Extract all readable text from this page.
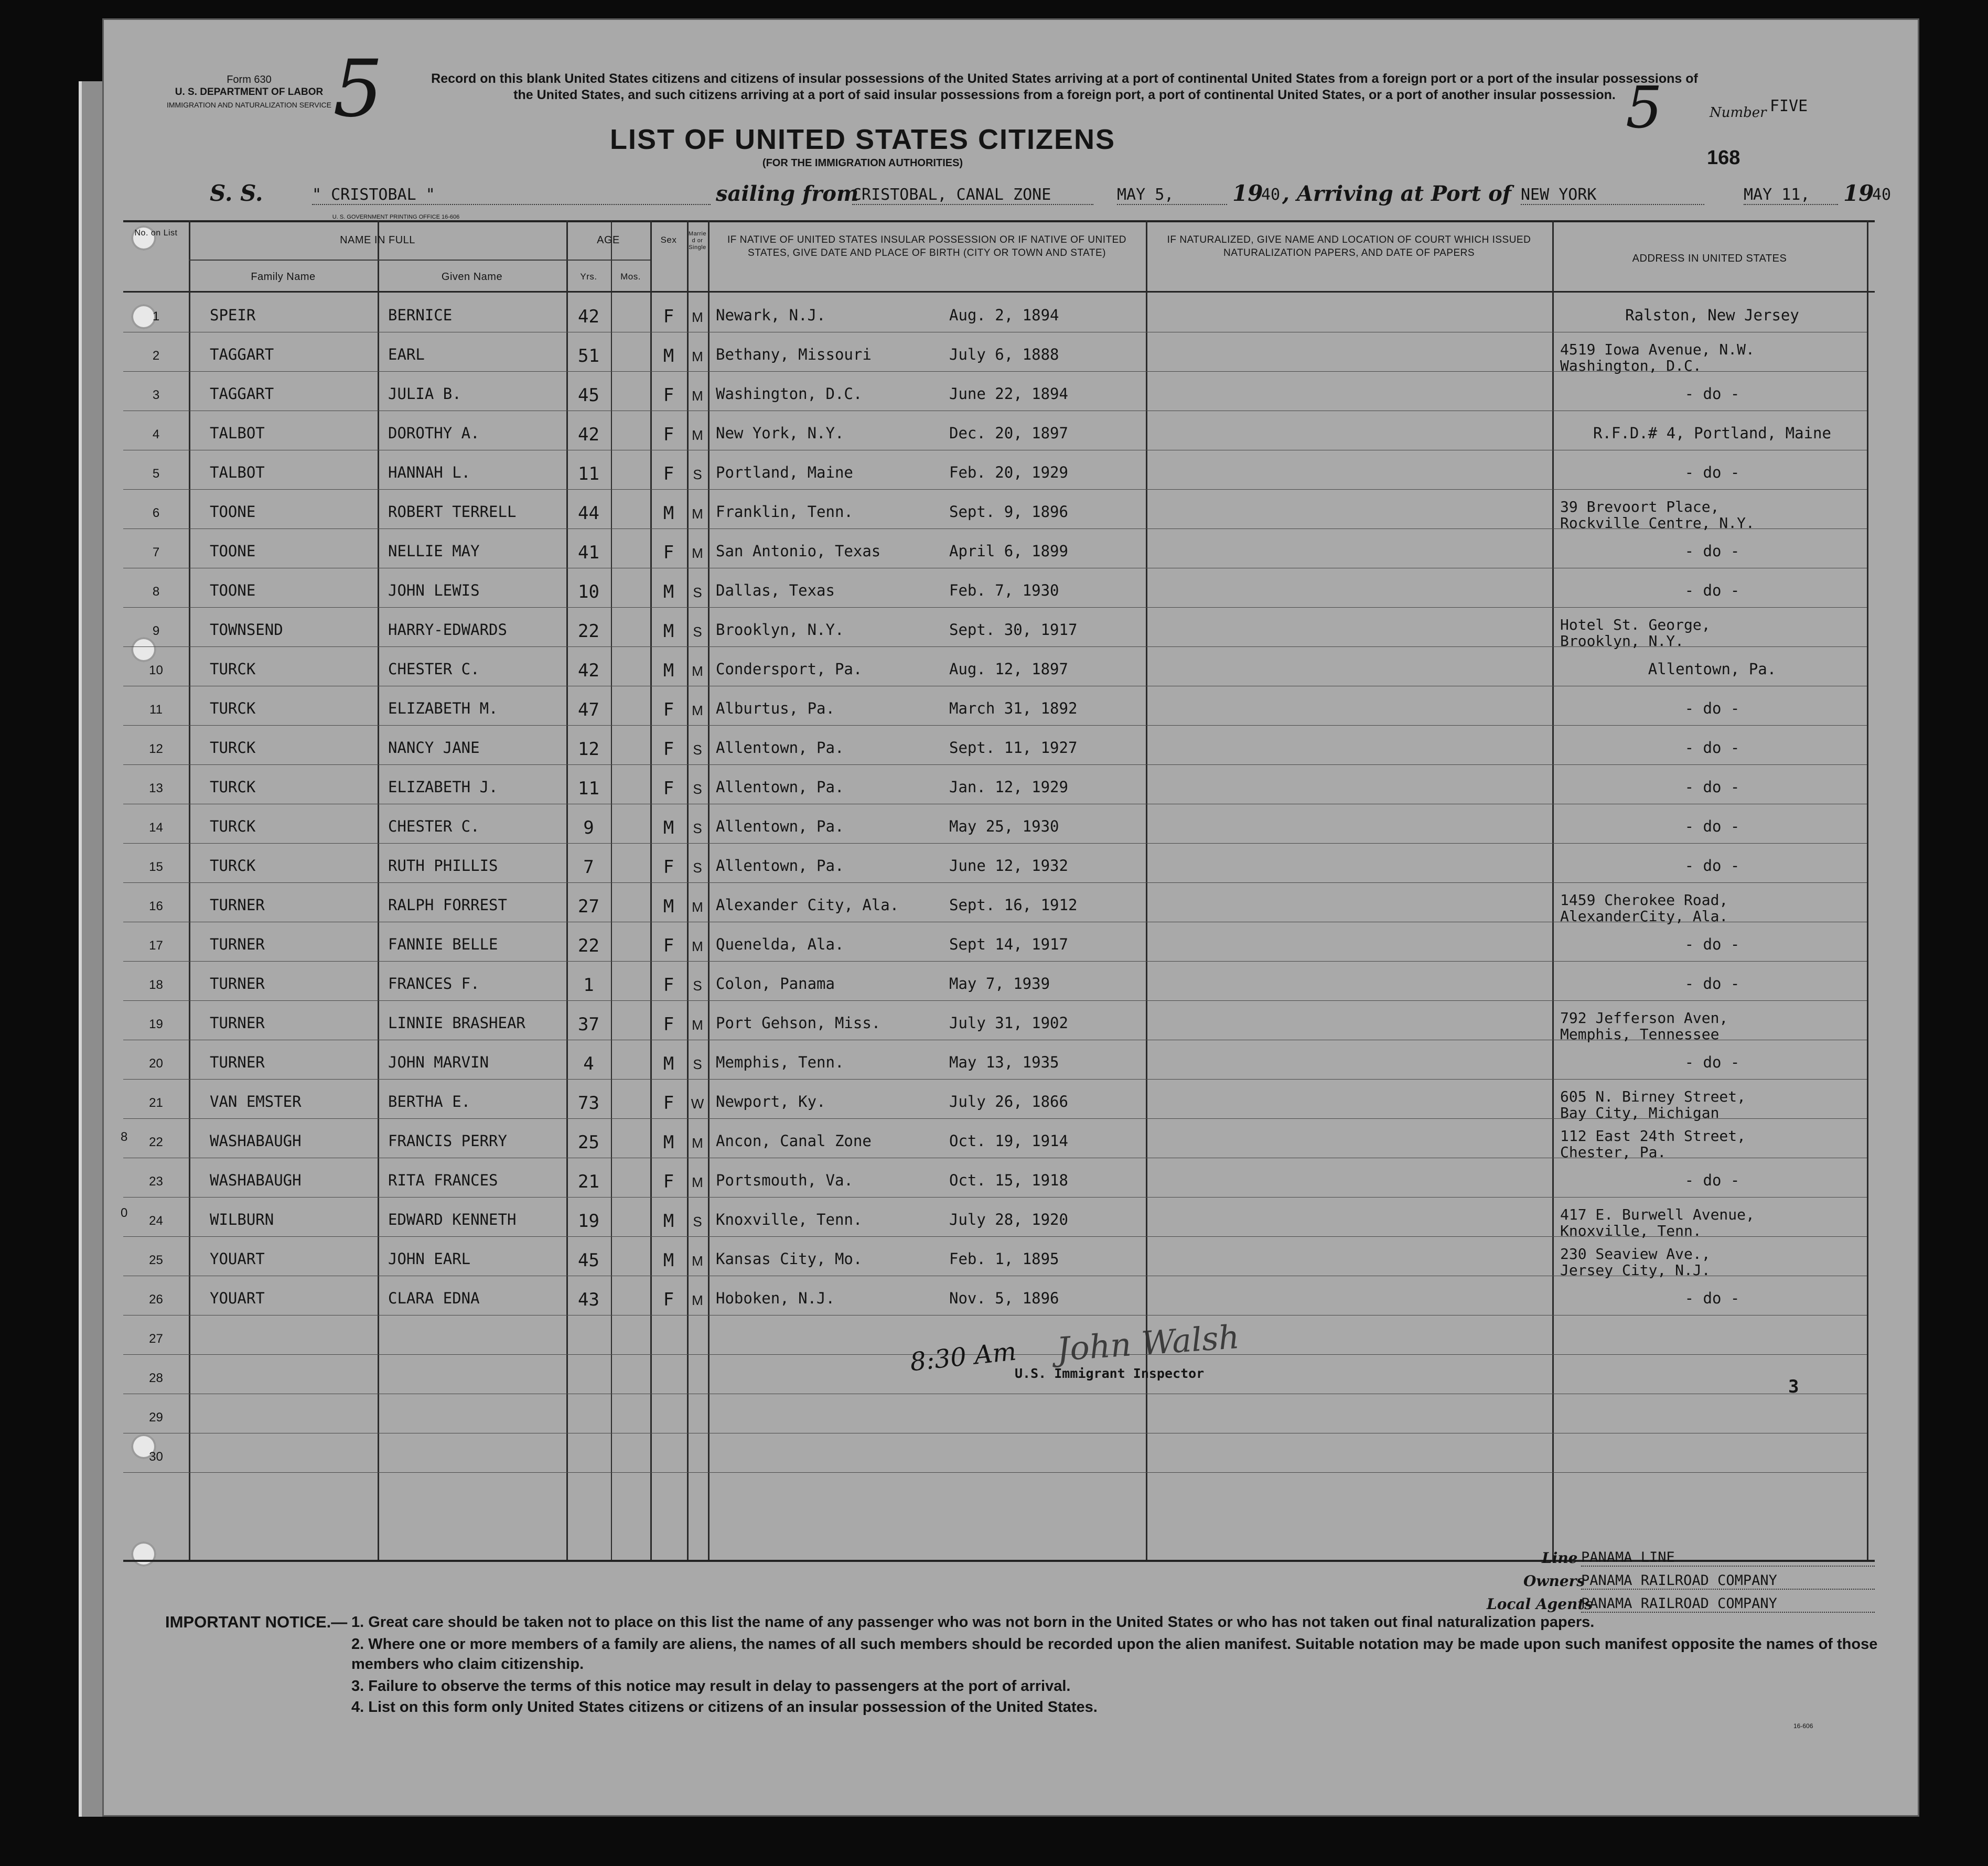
Form 630
U. S. DEPARTMENT OF LABOR
IMMIGRATION AND NATURALIZATION SERVICE
U. S. GOVERNMENT PRINTING OFFICE 16-606
5	Record on this blank United States citizens and citizens of insular possessions of the United States arriving at a port of continental United States from a foreign port or a port of the insular possessions of the United States, and such citizens arriving at a port of said insular possessions from a foreign port, a port of continental United States, or a port of another insular possession.
LIST OF UNITED STATES CITIZENS
(FOR THE IMMIGRATION AUTHORITIES)
5	Number FIVE
168
S. S.	" CRISTOBAL "	sailing from
CRISTOBAL, CANAL ZONE	MAY 5,	19
40 , Arriving at Port of NEW YORK	MAY 11,	19
40
No. on List
NAME IN FULL
Family Name	Given Name
AGE
Yrs.	Mos.
Sex
Married or Single
IF NATIVE OF UNITED STATES INSULAR POSSESSION OR IF NATIVE OF UNITED STATES, GIVE DATE AND PLACE OF BIRTH (CITY OR TOWN AND STATE)
IF NATURALIZED, GIVE NAME AND LOCATION OF COURT WHICH ISSUED NATURALIZATION PAPERS, AND DATE OF PAPERS	ADDRESS IN UNITED STATES
1	SPEIR	BERNICE	42	F	M Newark, N.J.	Aug. 2, 1894	Ralston, New Jersey
2	TAGGART	EARL	51	M	M Bethany, Missouri	July 6, 1888	4519 Iowa Avenue, N.W.
Washington, D.C.
3	TAGGART	JULIA B.	45	F	M Washington, D.C.	June 22, 1894	- do -
4	TALBOT	DOROTHY A.	42	F	M New York, N.Y.	Dec. 20, 1897	R.F.D.# 4, Portland, Maine
5	TALBOT	HANNAH L.	11	F	S Portland, Maine	Feb. 20, 1929	- do -
6	TOONE	ROBERT TERRELL	44	M	M Franklin, Tenn.	Sept. 9, 1896	39 Brevoort Place,
Rockville Centre, N.Y.
7	TOONE	NELLIE MAY	41	F	M San Antonio, Texas	April 6, 1899	- do -
8	TOONE	JOHN LEWIS	10	M	S Dallas, Texas	Feb. 7, 1930	- do -
9	TOWNSEND	HARRY-EDWARDS	22	M	S Brooklyn, N.Y.	Sept. 30, 1917	Hotel St. George,
Brooklyn, N.Y.
10	TURCK	CHESTER C.	42	M	M Condersport, Pa.	Aug. 12, 1897	Allentown, Pa.
11	TURCK	ELIZABETH M.	47	F	M Alburtus, Pa.	March 31, 1892	- do -
12	TURCK	NANCY JANE	12	F	S Allentown, Pa.	Sept. 11, 1927	- do -
13	TURCK	ELIZABETH J.	11	F	S Allentown, Pa.	Jan. 12, 1929	- do -
14	TURCK	CHESTER C.	9	M	S Allentown, Pa.	May 25, 1930	- do -
15	TURCK	RUTH PHILLIS	7	F	S Allentown, Pa.	June 12, 1932	- do -
16	TURNER	RALPH FORREST	27	M	M Alexander City, Ala.	Sept. 16, 1912	1459 Cherokee Road,
AlexanderCity, Ala.
17	TURNER	FANNIE BELLE	22	F	M Quenelda, Ala.	Sept 14, 1917	- do -
18	TURNER	FRANCES F.	1	F	S Colon, Panama	May 7, 1939	- do -
19	TURNER	LINNIE BRASHEAR	37	F	M Port Gehson, Miss.	July 31, 1902	792 Jefferson Aven,
Memphis, Tennessee
20	TURNER	JOHN MARVIN	4	M	S Memphis, Tenn.	May 13, 1935	- do -
21	VAN EMSTER	BERTHA E.	73	F	W Newport, Ky.	July 26, 1866	605 N. Birney Street,
Bay City, Michigan
22	WASHABAUGH	FRANCIS PERRY	25	M	M Ancon, Canal Zone	Oct. 19, 1914	112 East 24th Street,
Chester, Pa.
23	WASHABAUGH	RITA FRANCES	21	F	M Portsmouth, Va.	Oct. 15, 1918	- do -
24	WILBURN	EDWARD KENNETH	19	M	S Knoxville, Tenn.	July 28, 1920	417 E. Burwell Avenue,
Knoxville, Tenn.
25	YOUART	JOHN EARL	45	M	M Kansas City, Mo.	Feb. 1, 1895	230 Seaview Ave.,
Jersey City, N.J.
26	YOUART	CLARA EDNA	43	F	M Hoboken, N.J.	Nov. 5, 1896	- do -
27
28
29
30
8:30 Am John Walsh
U.S. Immigrant Inspector
3
8
0
Line PANAMA LINE
Owners
PANAMA RAILROAD COMPANY
Local Agents
PANAMA RAILROAD COMPANY
IMPORTANT NOTICE.— 1. Great care should be taken not to place on this list the name of any passenger who was not born in the United States or who has not taken out final naturalization papers.
2. Where one or more members of a family are aliens, the names of all such members should be recorded upon the alien manifest. Suitable notation may be made upon such manifest opposite the names of those members who claim citizenship.
3. Failure to observe the terms of this notice may result in delay to passengers at the port of arrival.
4. List on this form only United States citizens or citizens of an insular possession of the United States.
16-606
